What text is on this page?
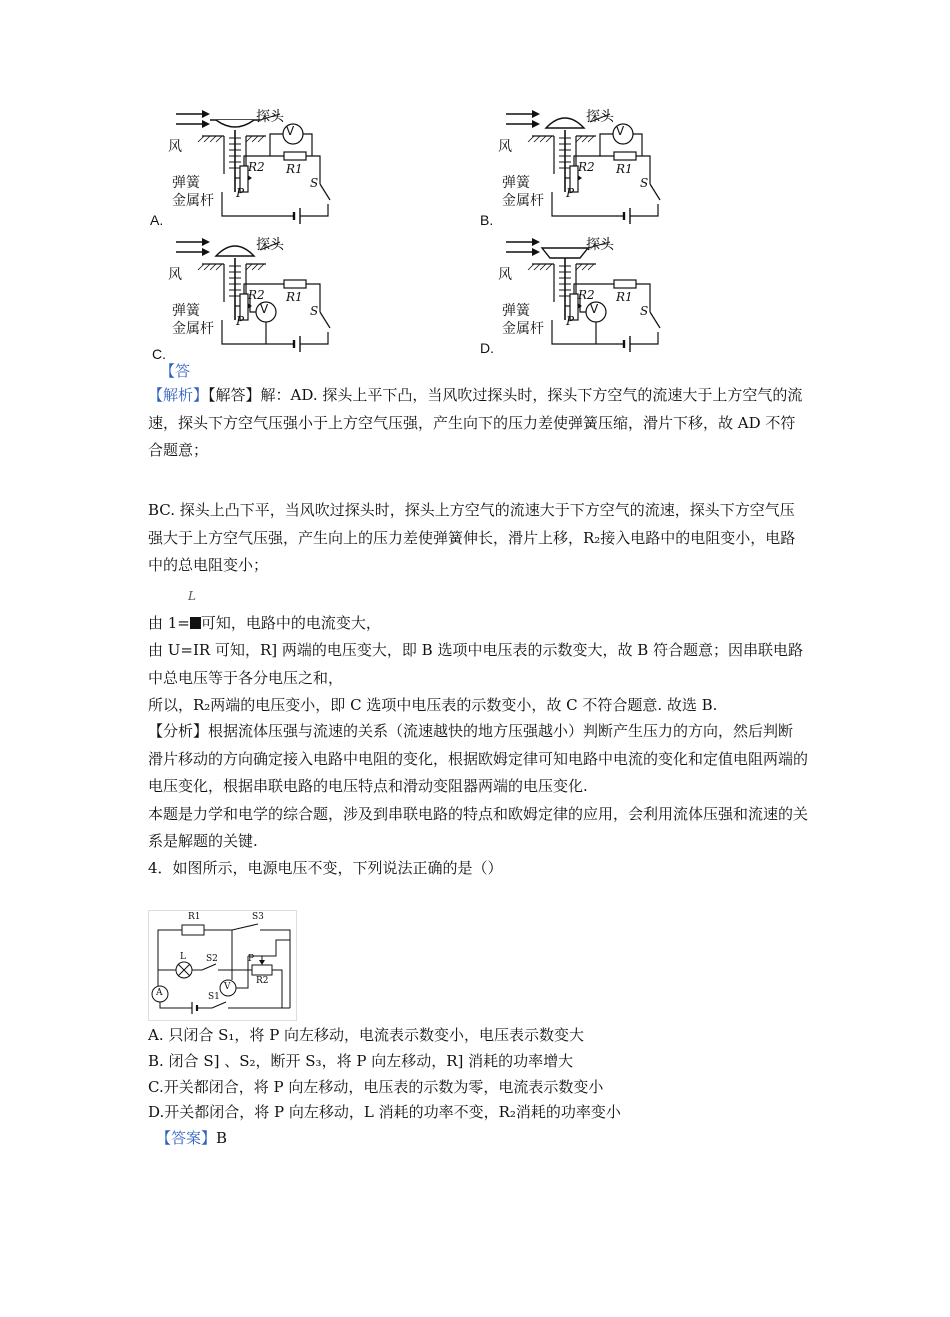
探头
V
风
R2 R1
弹簧
P
S
金属杆
A.
探头
V
风
R2 R1
弹簧
P
S
金属杆
B.
探头
V
风
R2 R1
弹簧
P
S
金属杆
C.
探头
V
风
R2 R1
弹簧
P
S
金属杆
D.
【答

【解析】【解答】解：AD. 探头上平下凸，当风吹过探头时，探头下方空气的流速大于上方空气的流速，探头下方空气压强小于上方空气压强，产生向下的压力差使弹簧压缩，滑片下移，故 AD 不符合题意；

BC. 探头上凸下平，当风吹过探头时，探头上方空气的流速大于下方空气的流速，探头下方空气压强大于上方空气压强，产生向上的压力差使弹簧伸长，滑片上移，R₂接入电路中的电阻变小，电路中的总电阻变小；

L
由 1= 可知，电路中的电流变大，

由 U=IR 可知，R] 两端的电压变大，即 B 选项中电压表的示数变大，故 B 符合题意；因串联电路中总电压等于各分电压之和，

所以，R₂两端的电压变小，即 C 选项中电压表的示数变小，故 C 不符合题意. 故选 B.

【分析】根据流体压强与流速的关系（流速越快的地方压强越小）判断产生压力的方向，然后判断滑片移动的方向确定接入电路中电阻的变化，根据欧姆定律可知电路中电流的变化和定值电阻两端的电压变化，根据串联电路的电压特点和滑动变阻器两端的电压变化.
本题是力学和电学的综合题，涉及到串联电路的特点和欧姆定律的应用，会利用流体压强和流速的关系是解题的关键.

4．如图所示，电源电压不变，下列说法正确的是（）
R1	S3
L S2	P
R2
A
V
S1
A. 只闭合 S₁，将 P 向左移动，电流表示数变小，电压表示数变大
B. 闭合 S] 、S₂，断开 S₃，将 P 向左移动，R] 消耗的功率增大
C.开关都闭合，将 P 向左移动，电压表的示数为零，电流表示数变小
D.开关都闭合，将 P 向左移动，L 消耗的功率不变，R₂消耗的功率变小
【答案】B
